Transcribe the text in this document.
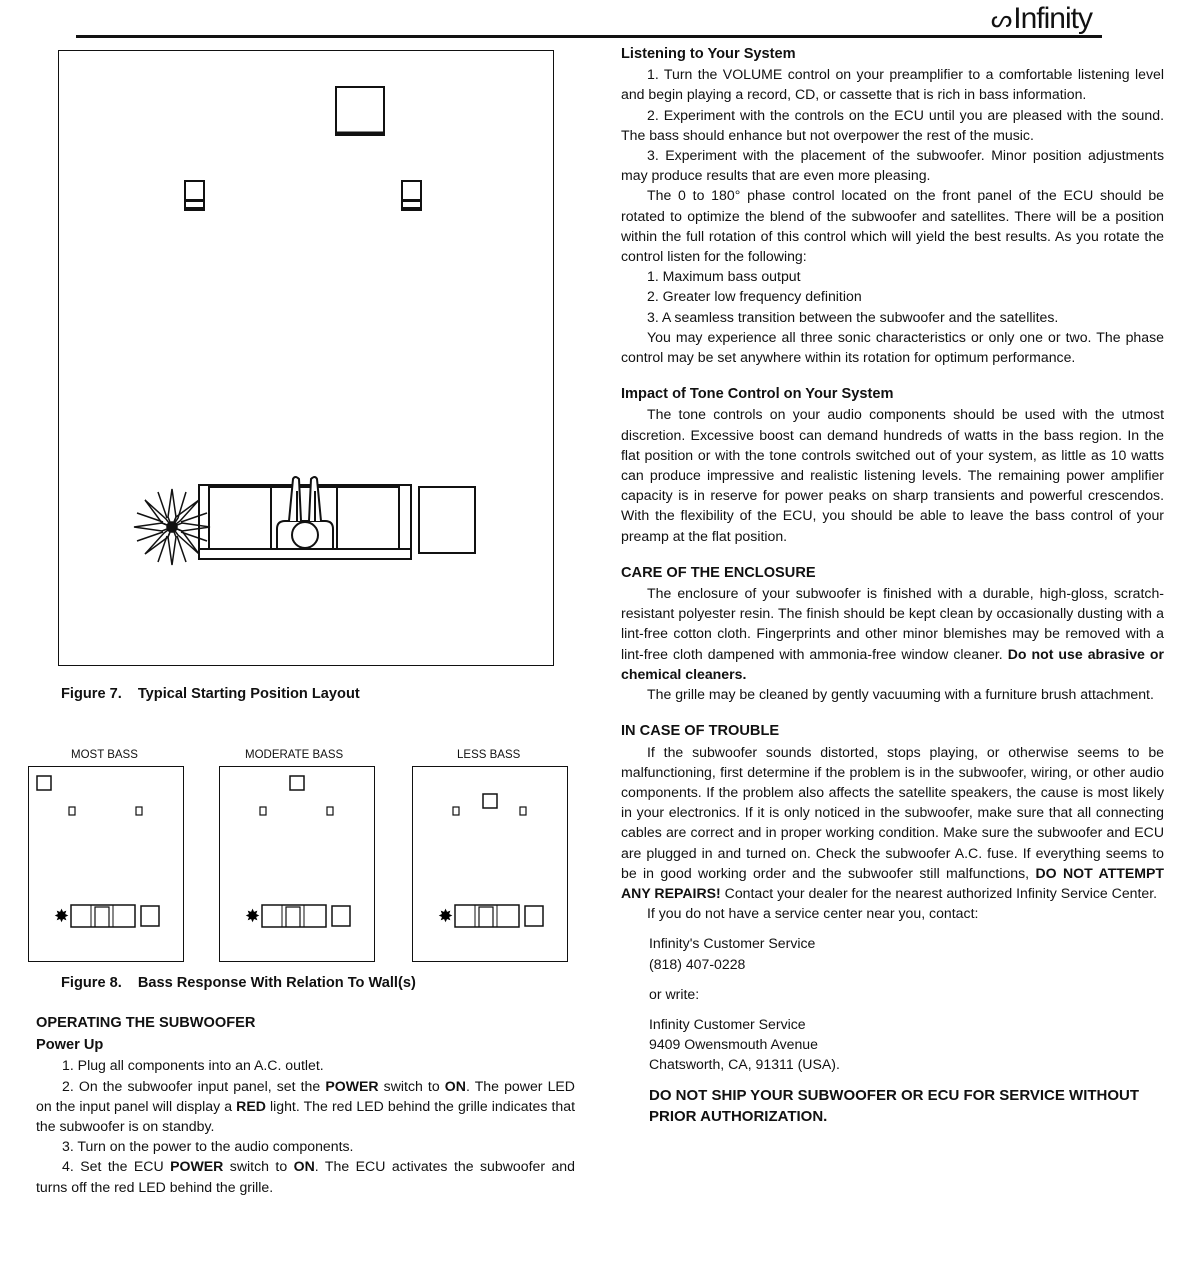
ᔕ Infinity
Figure 7. Typical Starting Position Layout
MOST BASS	MODERATE BASS	LESS BASS
✸	✸	✸
Figure 8. Bass Response With Relation To Wall(s)
OPERATING THE SUBWOOFER
Power Up

1. Plug all components into an A.C. outlet.

2. On the subwoofer input panel, set the POWER switch to ON. The power LED on the input panel will display a RED light. The red LED behind the grille indicates that the subwoofer is on standby.

3. Turn on the power to the audio components.

4. Set the ECU POWER switch to ON. The ECU activates the subwoofer and turns off the red LED behind the grille.

Listening to Your System

1. Turn the VOLUME control on your preamplifier to a comfortable listening level and begin playing a record, CD, or cassette that is rich in bass information.

2. Experiment with the controls on the ECU until you are pleased with the sound. The bass should enhance but not overpower the rest of the music.

3. Experiment with the placement of the subwoofer. Minor position adjustments may produce results that are even more pleasing.

The 0 to 180° phase control located on the front panel of the ECU should be rotated to optimize the blend of the subwoofer and satellites. There will be a position within the full rotation of this control which will yield the best results. As you rotate the control listen for the following:

1. Maximum bass output

2. Greater low frequency definition

3. A seamless transition between the subwoofer and the satellites.

You may experience all three sonic characteristics or only one or two. The phase control may be set anywhere within its rotation for optimum performance.

Impact of Tone Control on Your System

The tone controls on your audio components should be used with the utmost discretion. Excessive boost can demand hundreds of watts in the bass region. In the flat position or with the tone controls switched out of your system, as little as 10 watts can produce impressive and realistic listening levels. The remaining power amplifier capacity is in reserve for power peaks on sharp transients and powerful crescendos. With the flexibility of the ECU, you should be able to leave the bass control of your preamp at the flat position.

CARE OF THE ENCLOSURE

The enclosure of your subwoofer is finished with a durable, high-gloss, scratch-resistant polyester resin. The finish should be kept clean by occasionally dusting with a lint-free cotton cloth. Fingerprints and other minor blemishes may be removed with a lint-free cloth dampened with ammonia-free window cleaner. Do not use abrasive or chemical cleaners.

The grille may be cleaned by gently vacuuming with a furniture brush attachment.

IN CASE OF TROUBLE

If the subwoofer sounds distorted, stops playing, or otherwise seems to be malfunctioning, first determine if the problem is in the subwoofer, wiring, or other audio components. If the problem also affects the satellite speakers, the cause is most likely in your electronics. If it is only noticed in the subwoofer, make sure that all connecting cables are correct and in proper working condition. Make sure the subwoofer and ECU are plugged in and turned on. Check the subwoofer A.C. fuse. If everything seems to be in good working order and the subwoofer still malfunctions, DO NOT ATTEMPT ANY REPAIRS! Contact your dealer for the nearest authorized Infinity Service Center.

If you do not have a service center near you, contact:

Infinity's Customer Service

(818) 407-0228

or write:

Infinity Customer Service

9409 Owensmouth Avenue

Chatsworth, CA, 91311 (USA).

DO NOT SHIP YOUR SUBWOOFER OR ECU FOR SERVICE WITHOUT PRIOR AUTHORIZATION.
